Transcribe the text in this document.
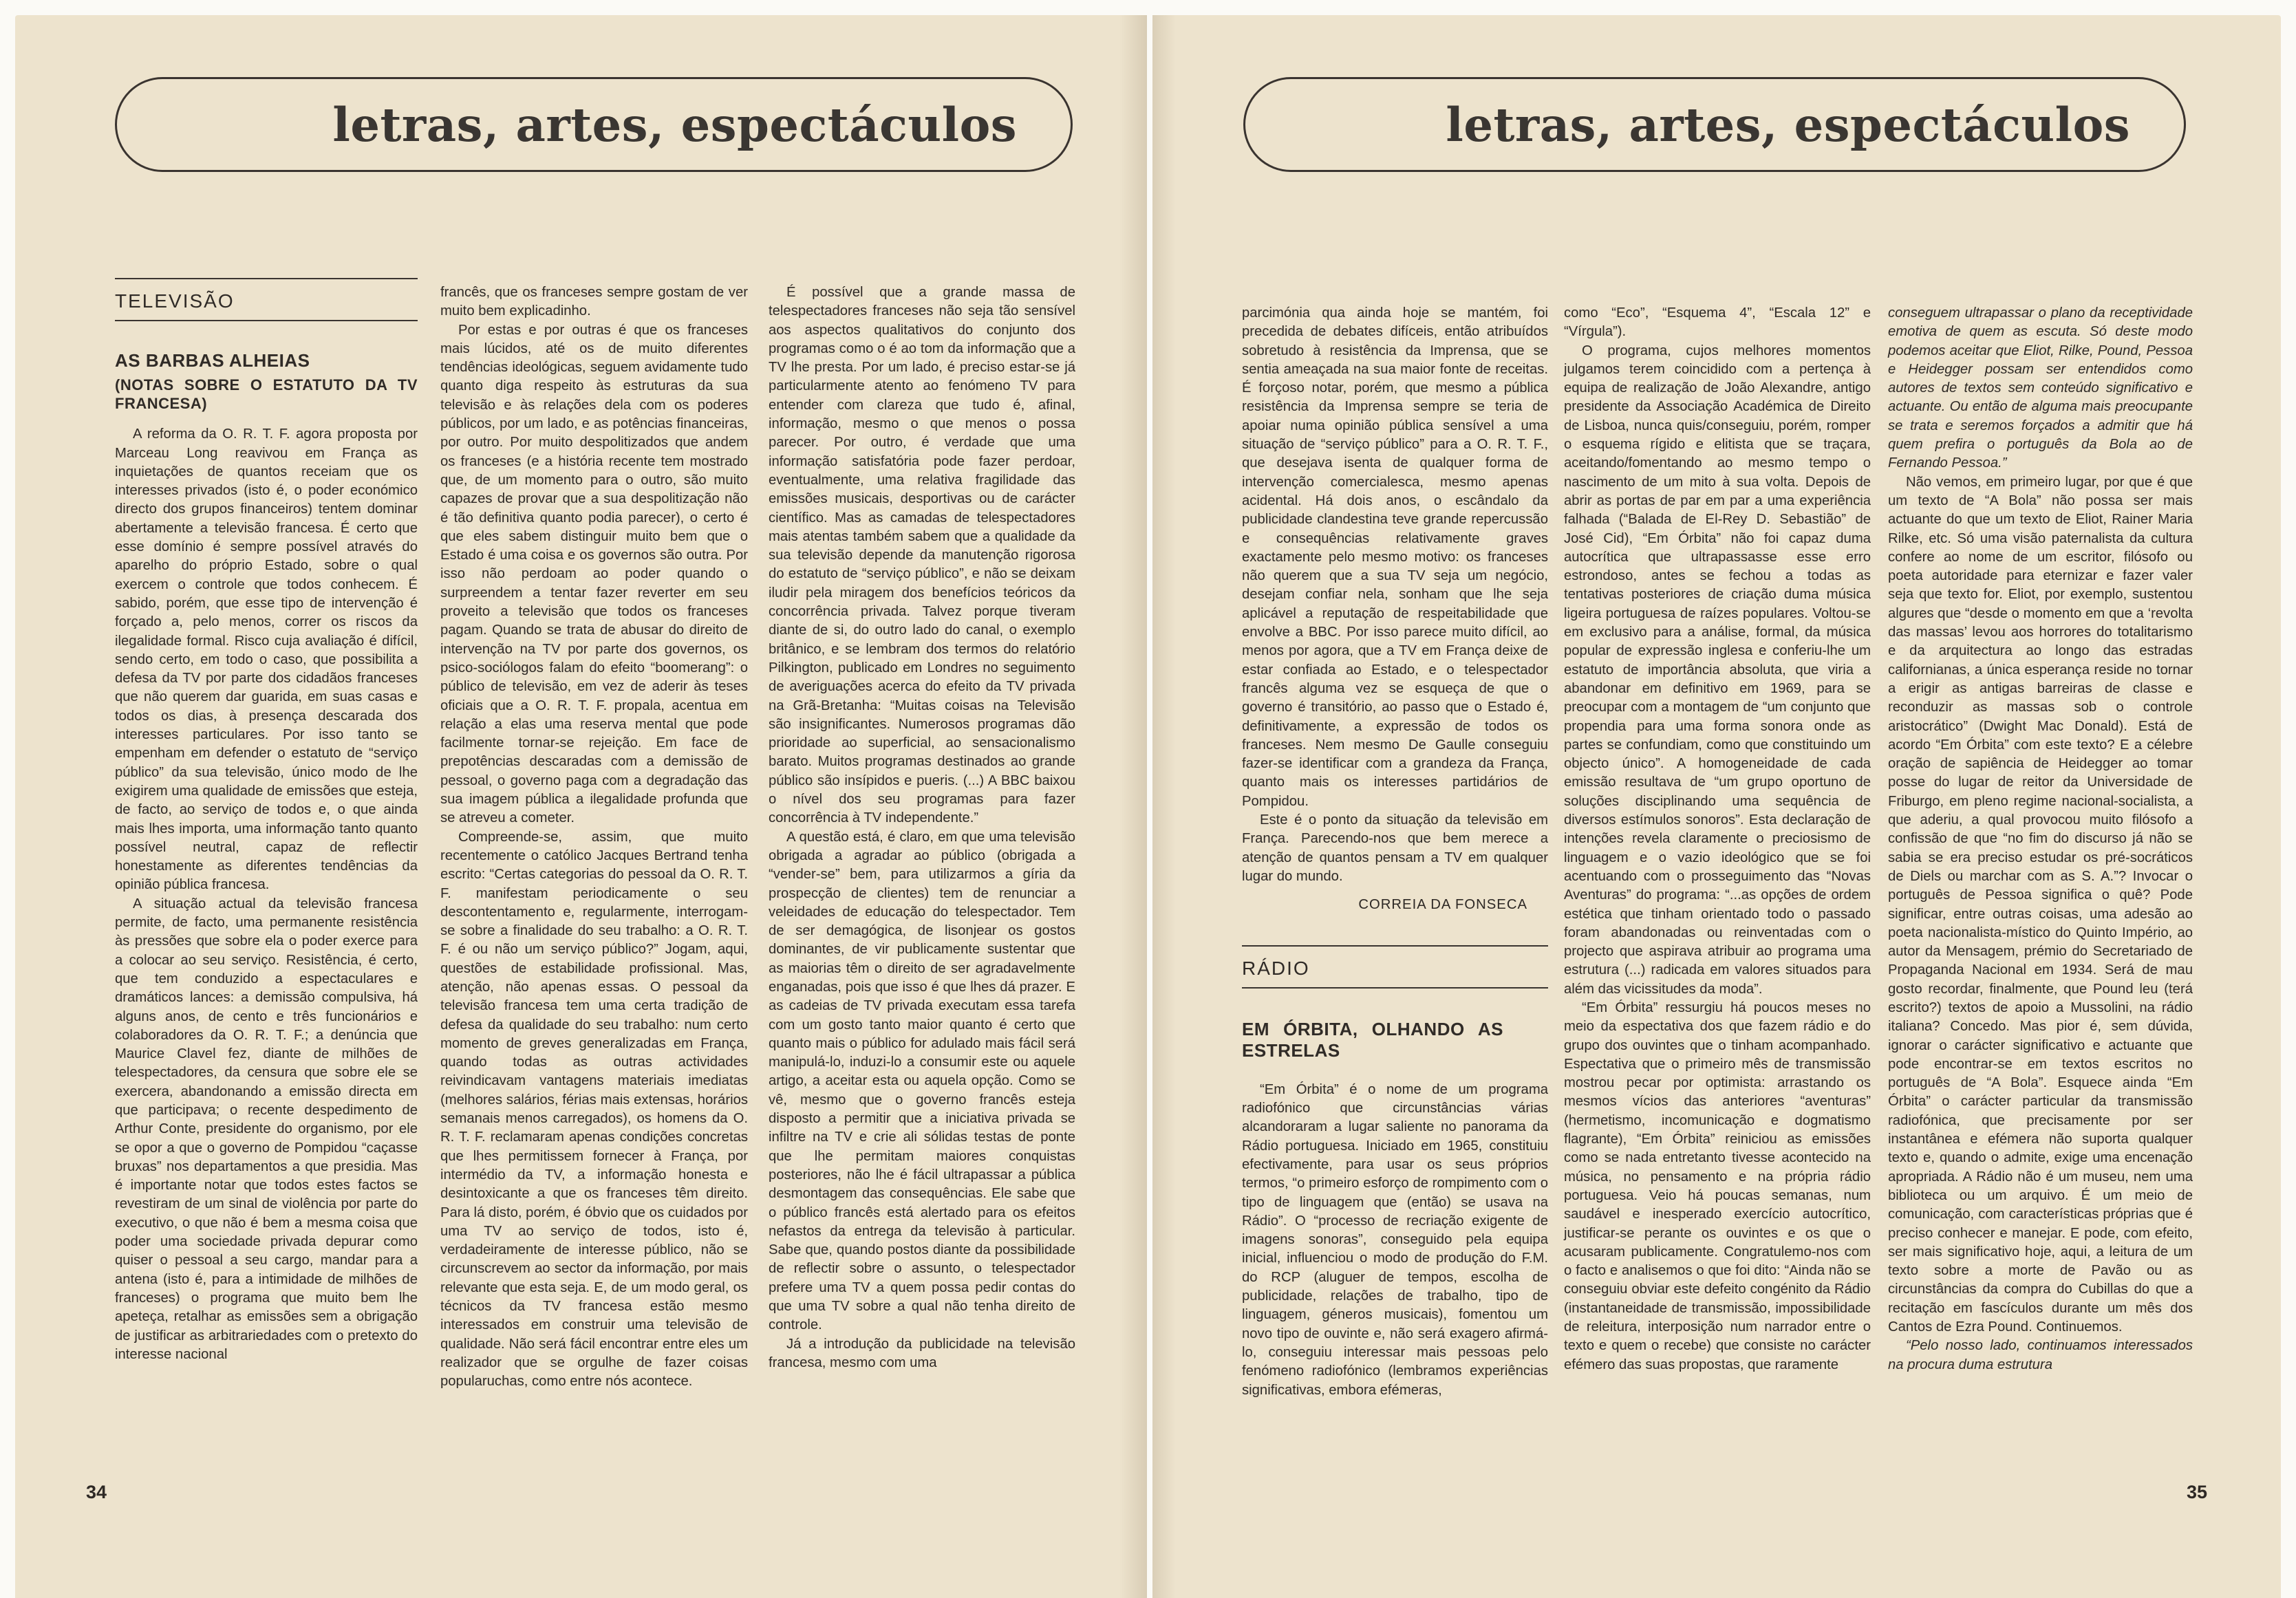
letras, artes, espectáculos
TELEVISÃO
AS BARBAS ALHEIAS
(NOTAS SOBRE O ESTATUTO DA TV FRANCESA)

A reforma da O. R. T. F. agora proposta por Marceau Long reavivou em França as inquietações de quantos receiam que os interesses privados (isto é, o poder económico directo dos grupos financeiros) tentem dominar abertamente a televisão francesa. É certo que esse domínio é sempre possível através do aparelho do próprio Estado, sobre o qual exercem o controle que todos conhecem. É sabido, porém, que esse tipo de intervenção é forçado a, pelo menos, correr os riscos da ilegalidade formal. Risco cuja avaliação é difícil, sendo certo, em todo o caso, que possibilita a defesa da TV por parte dos cidadãos franceses que não querem dar guarida, em suas casas e todos os dias, à presença descarada dos interesses particulares. Por isso tanto se empenham em defender o estatuto de “serviço público” da sua televisão, único modo de lhe exigirem uma qualidade de emissões que esteja, de facto, ao serviço de todos e, o que ainda mais lhes importa, uma informação tanto quanto possível neutral, capaz de reflectir honestamente as diferentes tendências da opinião pública francesa.

A situação actual da televisão francesa permite, de facto, uma permanente resistência às pressões que sobre ela o poder exerce para a colocar ao seu serviço. Resistência, é certo, que tem conduzido a espectaculares e dramáticos lances: a demissão compulsiva, há alguns anos, de cento e três funcionários e colaboradores da O. R. T. F.; a denúncia que Maurice Clavel fez, diante de milhões de telespectadores, da censura que sobre ele se exercera, abandonando a emissão directa em que participava; o recente despedimento de Arthur Conte, presidente do organismo, por ele se opor a que o governo de Pompidou “caçasse bruxas” nos departamentos a que presidia. Mas é importante notar que todos estes factos se revestiram de um sinal de violência por parte do executivo, o que não é bem a mesma coisa que poder uma sociedade privada depurar como quiser o pessoal a seu cargo, mandar para a antena (isto é, para a intimidade de milhões de franceses) o programa que muito bem lhe apeteça, retalhar as emissões sem a obrigação de justificar as arbitrariedades com o pretexto do interesse nacional

francês, que os franceses sempre gostam de ver muito bem explicadinho.

Por estas e por outras é que os franceses mais lúcidos, até os de muito diferentes tendências ideológicas, seguem avidamente tudo quanto diga respeito às estruturas da sua televisão e às relações dela com os poderes públicos, por um lado, e as potências financeiras, por outro. Por muito despolitizados que andem os franceses (e a história recente tem mostrado que, de um momento para o outro, são muito capazes de provar que a sua despolitização não é tão definitiva quanto podia parecer), o certo é que eles sabem distinguir muito bem que o Estado é uma coisa e os governos são outra. Por isso não perdoam ao poder quando o surpreendem a tentar fazer reverter em seu proveito a televisão que todos os franceses pagam. Quando se trata de abusar do direito de intervenção na TV por parte dos governos, os psico-sociólogos falam do efeito “boomerang”: o público de televisão, em vez de aderir às teses oficiais que a O. R. T. F. propala, acentua em relação a elas uma reserva mental que pode facilmente tornar-se rejeição. Em face de prepotências descaradas com a demissão de pessoal, o governo paga com a degradação das sua imagem pública a ilegalidade profunda que se atreveu a cometer.

Compreende-se, assim, que muito recentemente o católico Jacques Bertrand tenha escrito: “Certas categorias do pessoal da O. R. T. F. manifestam periodicamente o seu descontentamento e, regularmente, interrogam-se sobre a finalidade do seu trabalho: a O. R. T. F. é ou não um serviço público?” Jogam, aqui, questões de estabilidade profissional. Mas, atenção, não apenas essas. O pessoal da televisão francesa tem uma certa tradição de defesa da qualidade do seu trabalho: num certo momento de greves generalizadas em França, quando todas as outras actividades reivindicavam vantagens materiais imediatas (melhores salários, férias mais extensas, horários semanais menos carregados), os homens da O. R. T. F. reclamaram apenas condições concretas que lhes permitissem fornecer à França, por intermédio da TV, a informação honesta e desintoxicante a que os franceses têm direito. Para lá disto, porém, é óbvio que os cuidados por uma TV ao serviço de todos, isto é, verdadeiramente de interesse público, não se circunscrevem ao sector da informação, por mais relevante que esta seja. E, de um modo geral, os técnicos da TV francesa estão mesmo interessados em construir uma televisão de qualidade. Não será fácil encontrar entre eles um realizador que se orgulhe de fazer coisas popularuchas, como entre nós acontece.

É possível que a grande massa de telespectadores franceses não seja tão sensível aos aspectos qualitativos do conjunto dos programas como o é ao tom da informação que a TV lhe presta. Por um lado, é preciso estar-se já particularmente atento ao fenómeno TV para entender com clareza que tudo é, afinal, informação, mesmo o que menos o possa parecer. Por outro, é verdade que uma informação satisfatória pode fazer perdoar, eventualmente, uma relativa fragilidade das emissões musicais, desportivas ou de carácter científico. Mas as camadas de telespectadores mais atentas também sabem que a qualidade da sua televisão depende da manutenção rigorosa do estatuto de “serviço público”, e não se deixam iludir pela miragem dos benefícios teóricos da concorrência privada. Talvez porque tiveram diante de si, do outro lado do canal, o exemplo britânico, e se lembram dos termos do relatório Pilkington, publicado em Londres no seguimento de averiguações acerca do efeito da TV privada na Grã-Bretanha: “Muitas coisas na Televisão são insignificantes. Numerosos programas dão prioridade ao superficial, ao sensacionalismo barato. Muitos programas destinados ao grande público são insípidos e pueris. (...) A BBC baixou o nível dos seu programas para fazer concorrência à TV independente.”

A questão está, é claro, em que uma televisão obrigada a agradar ao público (obrigada a “vender-se” bem, para utilizarmos a gíria da prospecção de clientes) tem de renunciar a veleidades de educação do telespectador. Tem de ser demagógica, de lisonjear os gostos dominantes, de vir publicamente sustentar que as maiorias têm o direito de ser agradavelmente enganadas, pois que isso é que lhes dá prazer. E as cadeias de TV privada executam essa tarefa com um gosto tanto maior quanto é certo que quanto mais o público for adulado mais fácil será manipulá-lo, induzi-lo a consumir este ou aquele artigo, a aceitar esta ou aquela opção. Como se vê, mesmo que o governo francês esteja disposto a permitir que a iniciativa privada se infiltre na TV e crie ali sólidas testas de ponte que lhe permitam maiores conquistas posteriores, não lhe é fácil ultrapassar a pública desmontagem das consequências. Ele sabe que o público francês está alertado para os efeitos nefastos da entrega da televisão à particular. Sabe que, quando postos diante da possibilidade de reflectir sobre o assunto, o telespectador prefere uma TV a quem possa pedir contas do que uma TV sobre a qual não tenha direito de controle.

Já a introdução da publicidade na televisão francesa, mesmo com uma

34
letras, artes, espectáculos

parcimónia qua ainda hoje se mantém, foi precedida de debates difíceis, então atribuídos sobretudo à resistência da Imprensa, que se sentia ameaçada na sua maior fonte de receitas. É forçoso notar, porém, que mesmo a pública resistência da Imprensa sempre se teria de apoiar numa opinião pública sensível a uma situação de “serviço público” para a O. R. T. F., que desejava isenta de qualquer forma de intervenção comercialesca, mesmo apenas acidental. Há dois anos, o escândalo da publicidade clandestina teve grande repercussão e consequências relativamente graves exactamente pelo mesmo motivo: os franceses não querem que a sua TV seja um negócio, desejam confiar nela, sonham que lhe seja aplicável a reputação de respeitabilidade que envolve a BBC. Por isso parece muito difícil, ao menos por agora, que a TV em França deixe de estar confiada ao Estado, e o telespectador francês alguma vez se esqueça de que o governo é transitório, ao passo que o Estado é, definitivamente, a expressão de todos os franceses. Nem mesmo De Gaulle conseguiu fazer-se identificar com a grandeza da França, quanto mais os interesses partidários de Pompidou.

Este é o ponto da situação da televisão em França. Parecendo-nos que bem merece a atenção de quantos pensam a TV em qualquer lugar do mundo.

CORREIA DA FONSECA
RÁDIO
EM ÓRBITA, OLHANDO AS ESTRELAS

“Em Órbita” é o nome de um programa radiofónico que circunstâncias várias alcandoraram a lugar saliente no panorama da Rádio portuguesa. Iniciado em 1965, constituiu efectivamente, para usar os seus próprios termos, “o primeiro esforço de rompimento com o tipo de linguagem que (então) se usava na Rádio”. O “processo de recriação exigente de imagens sonoras”, conseguido pela equipa inicial, influenciou o modo de produção do F.M. do RCP (aluguer de tempos, escolha de publicidade, relações de trabalho, tipo de linguagem, géneros musicais), fomentou um novo tipo de ouvinte e, não será exagero afirmá-lo, conseguiu interessar mais pessoas pelo fenómeno radiofónico (lembramos experiências significativas, embora efémeras,

como “Eco”, “Esquema 4”, “Escala 12” e “Vírgula”).

O programa, cujos melhores momentos julgamos terem coincidido com a pertença à equipa de realização de João Alexandre, antigo presidente da Associação Académica de Direito de Lisboa, nunca quis/conseguiu, porém, romper o esquema rígido e elitista que se traçara, aceitando/fomentando ao mesmo tempo o nascimento de um mito à sua volta. Depois de abrir as portas de par em par a uma experiência falhada (“Balada de El-Rey D. Sebastião” de José Cid), “Em Órbita” não foi capaz duma autocrítica que ultrapassasse esse erro estrondoso, antes se fechou a todas as tentativas posteriores de criação duma música ligeira portuguesa de raízes populares. Voltou-se em exclusivo para a análise, formal, da música popular de expressão inglesa e conferiu-lhe um estatuto de importância absoluta, que viria a abandonar em definitivo em 1969, para se preocupar com a montagem de “um conjunto que propendia para uma forma sonora onde as partes se confundiam, como que constituindo um objecto único”. A homogeneidade de cada emissão resultava de “um grupo oportuno de soluções disciplinando uma sequência de diversos estímulos sonoros”. Esta declaração de intenções revela claramente o preciosismo de linguagem e o vazio ideológico que se foi acentuando com o prosseguimento das “Novas Aventuras” do programa: “...as opções de ordem estética que tinham orientado todo o passado foram abandonadas ou reinventadas com o projecto que aspirava atribuir ao programa uma estrutura (...) radicada em valores situados para além das vicissitudes da moda”.

“Em Órbita” ressurgiu há poucos meses no meio da espectativa dos que fazem rádio e do grupo dos ouvintes que o tinham acompanhado. Espectativa que o primeiro mês de transmissão mostrou pecar por optimista: arrastando os mesmos vícios das anteriores “aventuras” (hermetismo, incomunicação e dogmatismo flagrante), “Em Órbita” reiniciou as emissões como se nada entretanto tivesse acontecido na música, no pensamento e na própria rádio portuguesa. Veio há poucas semanas, num saudável e inesperado exercício autocrítico, justificar-se perante os ouvintes e os que o acusaram publicamente. Congratulemo-nos com o facto e analisemos o que foi dito: “Ainda não se conseguiu obviar este defeito congénito da Rádio (instantaneidade de transmissão, impossibilidade de releitura, interposição num narrador entre o texto e quem o recebe) que consiste no carácter efémero das suas propostas, que raramente

conseguem ultrapassar o plano da receptividade emotiva de quem as escuta. Só deste modo podemos aceitar que Eliot, Rilke, Pound, Pessoa e Heidegger possam ser entendidos como autores de textos sem conteúdo significativo e actuante. Ou então de alguma mais preocupante se trata e seremos forçados a admitir que há quem prefira o português da Bola ao de Fernando Pessoa.”

Não vemos, em primeiro lugar, por que é que um texto de “A Bola” não possa ser mais actuante do que um texto de Eliot, Rainer Maria Rilke, etc. Só uma visão paternalista da cultura confere ao nome de um escritor, filósofo ou poeta autoridade para eternizar e fazer valer seja que texto for. Eliot, por exemplo, sustentou algures que “desde o momento em que a ‘revolta das massas’ levou aos horrores do totalitarismo e da arquitectura ao longo das estradas californianas, a única esperança reside no tornar a erigir as antigas barreiras de classe e reconduzir as massas sob o controle aristocrático” (Dwight Mac Donald). Está de acordo “Em Órbita” com este texto? E a célebre oração de sapiência de Heidegger ao tomar posse do lugar de reitor da Universidade de Friburgo, em pleno regime nacional-socialista, a que aderiu, a qual provocou muito filósofo a confissão de que “no fim do discurso já não se sabia se era preciso estudar os pré-socráticos de Diels ou marchar com as S. A.”? Invocar o português de Pessoa significa o quê? Pode significar, entre outras coisas, uma adesão ao poeta nacionalista-místico do Quinto Império, ao autor da Mensagem, prémio do Secretariado de Propaganda Nacional em 1934. Será de mau gosto recordar, finalmente, que Pound leu (terá escrito?) textos de apoio a Mussolini, na rádio italiana? Concedo. Mas pior é, sem dúvida, ignorar o carácter significativo e actuante que pode encontrar-se em textos escritos no português de “A Bola”. Esquece ainda “Em Órbita” o carácter particular da transmissão radiofónica, que precisamente por ser instantânea e efémera não suporta qualquer texto e, quando o admite, exige uma encenação apropriada. A Rádio não é um museu, nem uma biblioteca ou um arquivo. É um meio de comunicação, com características próprias que é preciso conhecer e manejar. E pode, com efeito, ser mais significativo hoje, aqui, a leitura de um texto sobre a morte de Pavão ou as circunstâncias da compra do Cubillas do que a recitação em fascículos durante um mês dos Cantos de Ezra Pound. Continuemos.

“Pelo nosso lado, continuamos interessados na procura duma estrutura

35
